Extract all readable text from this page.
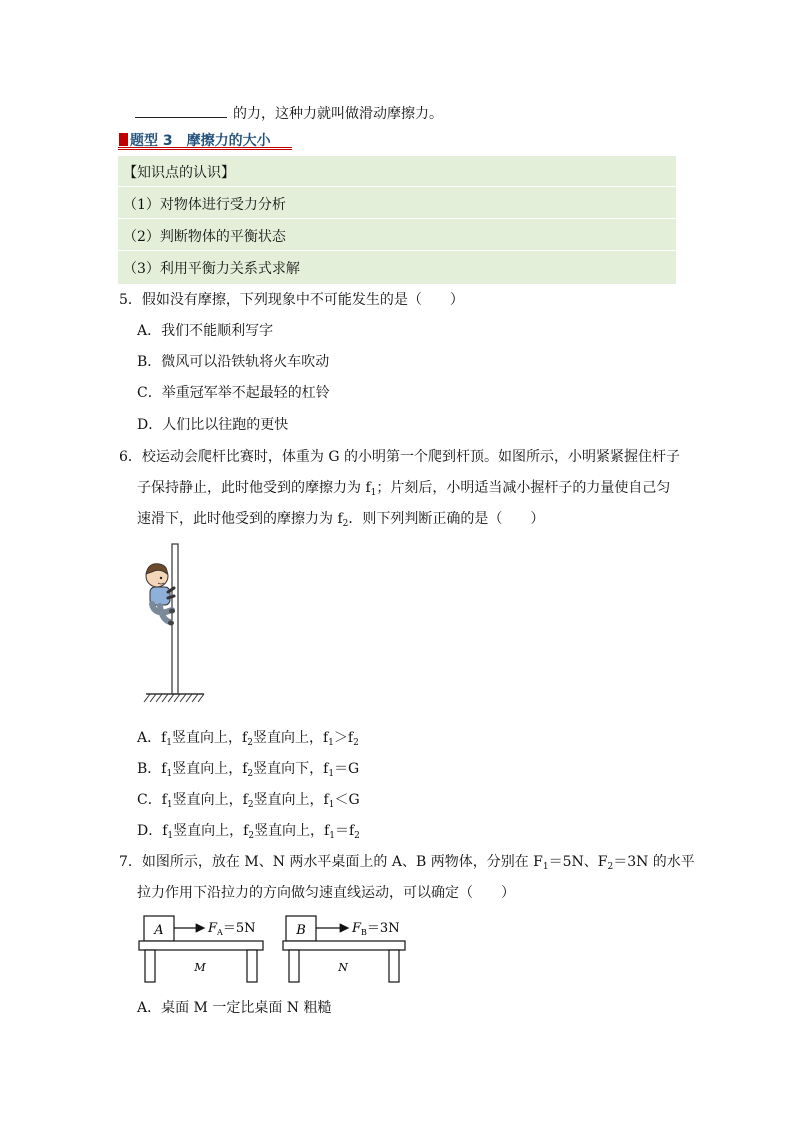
的力，这种力就叫做滑动摩擦力。
题型 3　摩擦力的大小
【知识点的认识】
（1）对物体进行受力分析
（2）判断物体的平衡状态
（3）利用平衡力关系式求解
5．假如没有摩擦，下列现象中不可能发生的是（　　）
A．我们不能顺利写字
B．微风可以沿铁轨将火车吹动
C．举重冠军举不起最轻的杠铃
D．人们比以往跑的更快
6．校运动会爬杆比赛时，体重为 G 的小明第一个爬到杆顶。如图所示，小明紧紧握住杆子
子保持静止，此时他受到的摩擦力为 $f_1$；片刻后，小明适当减小握杆子的力量使自己匀
速滑下，此时他受到的摩擦力为 $f_2$．则下列判断正确的是（　　）
A．$f_1$竖直向上，$f_2$竖直向上，$f_1>f_2$
B．$f_1$竖直向上，$f_2$竖直向下，$f_1=G$
C．$f_1$竖直向上，$f_2$竖直向上，$f_1<G$
D．$f_1$竖直向上，$f_2$竖直向上，$f_1=f_2$
7．如图所示，放在 M、N 两水平桌面上的 A、B 两物体，分别在 $F_1=5N$、$F_2=3N$ 的水平
拉力作用下沿拉力的方向做匀速直线运动，可以确定（　　）
A	$F_A=5N$
M
B	$F_B=3N$
N
A．桌面 M 一定比桌面 N 粗糙
